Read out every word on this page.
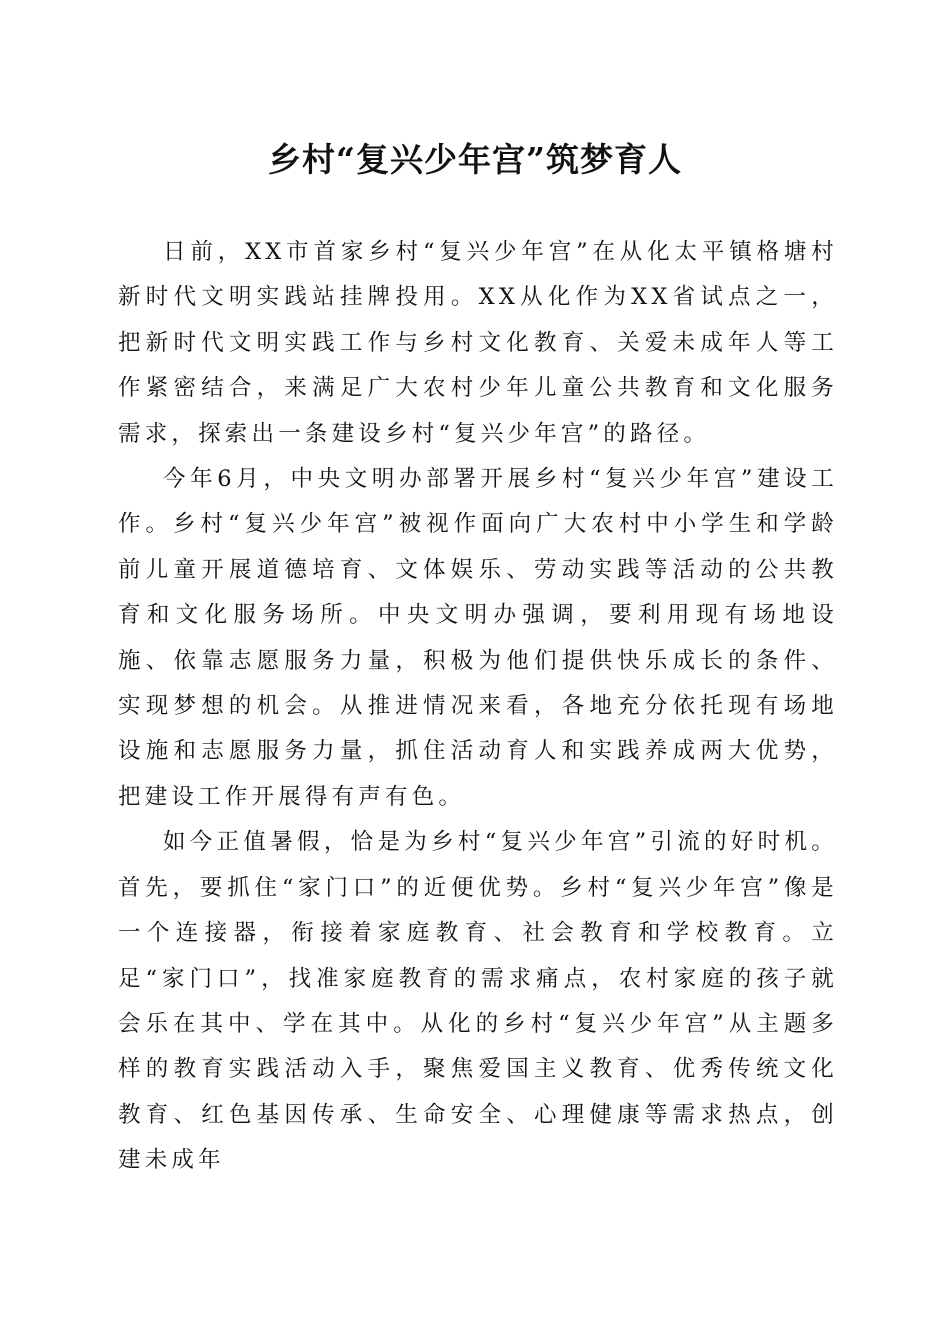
乡村“复兴少年宫”筑梦育人

日前，XX市首家乡村“复兴少年宫”在从化太平镇格塘村新时代文明实践站挂牌投用。XX从化作为XX省试点之一，把新时代文明实践工作与乡村文化教育、关爱未成年人等工作紧密结合，来满足广大农村少年儿童公共教育和文化服务需求，探索出一条建设乡村“复兴少年宫”的路径。

今年6月，中央文明办部署开展乡村“复兴少年宫”建设工作。乡村“复兴少年宫”被视作面向广大农村中小学生和学龄前儿童开展道德培育、文体娱乐、劳动实践等活动的公共教育和文化服务场所。中央文明办强调，要利用现有场地设施、依靠志愿服务力量，积极为他们提供快乐成长的条件、实现梦想的机会。从推进情况来看，各地充分依托现有场地设施和志愿服务力量，抓住活动育人和实践养成两大优势，把建设工作开展得有声有色。

如今正值暑假，恰是为乡村“复兴少年宫”引流的好时机。首先，要抓住“家门口”的近便优势。乡村“复兴少年宫”像是一个连接器，衔接着家庭教育、社会教育和学校教育。立足“家门口”，找准家庭教育的需求痛点，农村家庭的孩子就会乐在其中、学在其中。从化的乡村“复兴少年宫”从主题多样的教育实践活动入手，聚焦爱国主义教育、优秀传统文化教育、红色基因传承、生命安全、心理健康等需求热点，创建未成年
